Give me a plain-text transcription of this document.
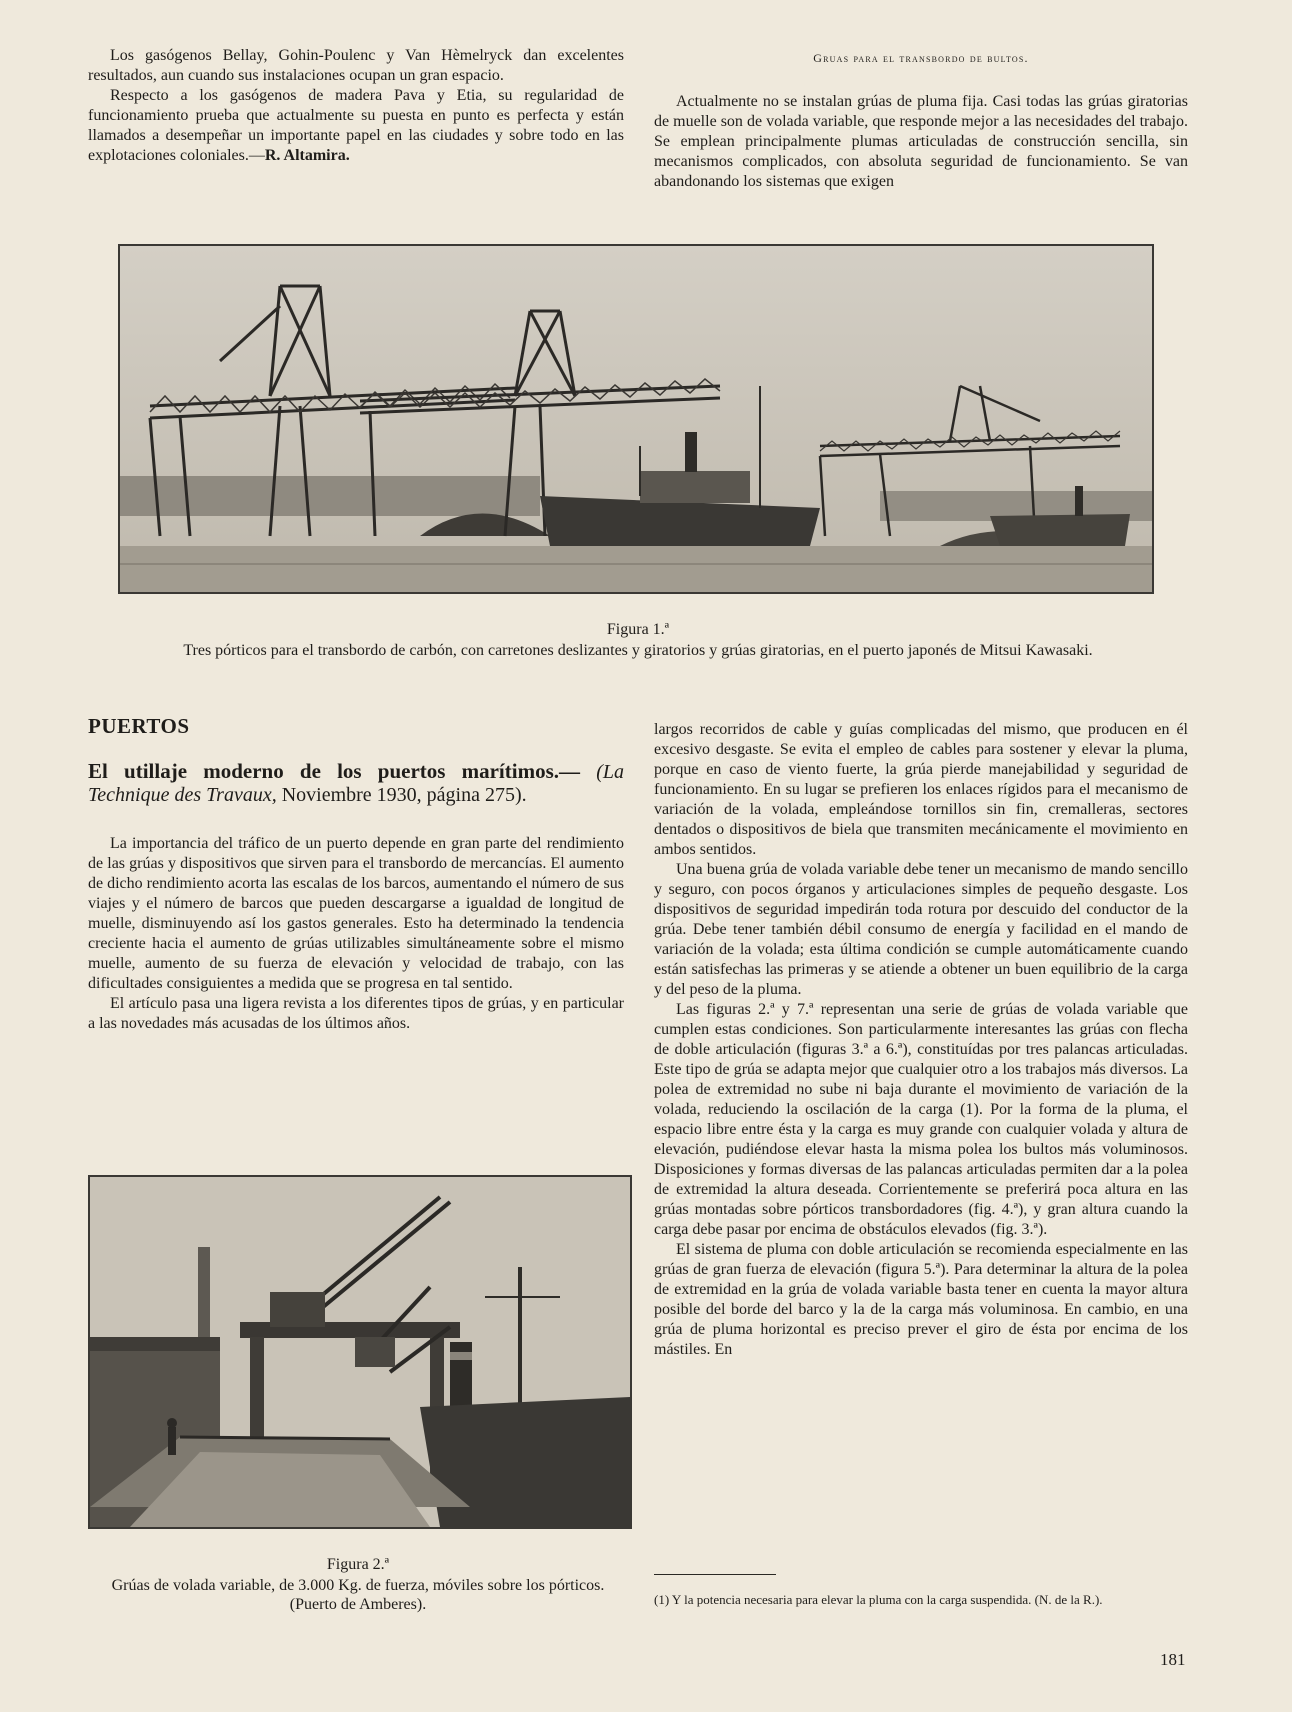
Los gasógenos Bellay, Gohin-Poulenc y Van Hèmelryck dan excelentes resultados, aun cuando sus instalaciones ocupan un gran espacio.

Respecto a los gasógenos de madera Pava y Etia, su regularidad de funcionamiento prueba que actualmente su puesta en punto es perfecta y están llamados a desempeñar un importante papel en las ciudades y sobre todo en las explotaciones coloniales.—R. Altamira.

Gruas para el transbordo de bultos.

Actualmente no se instalan grúas de pluma fija. Casi todas las grúas giratorias de muelle son de volada variable, que responde mejor a las necesidades del trabajo. Se emplean principalmente plumas articuladas de construcción sencilla, sin mecanismos complicados, con absoluta seguridad de funcionamiento. Se van abandonando los sistemas que exigen

Figura 1.ª
Tres pórticos para el transbordo de carbón, con carretones deslizantes y giratorios y grúas giratorias, en el puerto japonés de Mitsui Kawasaki.

PUERTOS

El utillaje moderno de los puertos marítimos.— (La Technique des Travaux, Noviembre 1930, página 275).

La importancia del tráfico de un puerto depende en gran parte del rendimiento de las grúas y dispositivos que sirven para el transbordo de mercancías. El aumento de dicho rendimiento acorta las escalas de los barcos, aumentando el número de sus viajes y el número de barcos que pueden descargarse a igualdad de longitud de muelle, disminuyendo así los gastos generales. Esto ha determinado la tendencia creciente hacia el aumento de grúas utilizables simultáneamente sobre el mismo muelle, aumento de su fuerza de elevación y velocidad de trabajo, con las dificultades consiguientes a medida que se progresa en tal sentido.

El artículo pasa una ligera revista a los diferentes tipos de grúas, y en particular a las novedades más acusadas de los últimos años.

Figura 2.ª
Grúas de volada variable, de 3.000 Kg. de fuerza, móviles sobre los pórticos. (Puerto de Amberes).

largos recorridos de cable y guías complicadas del mismo, que producen en él excesivo desgaste. Se evita el empleo de cables para sostener y elevar la pluma, porque en caso de viento fuerte, la grúa pierde manejabilidad y seguridad de funcionamiento. En su lugar se prefieren los enlaces rígidos para el mecanismo de variación de la volada, empleándose tornillos sin fin, cremalleras, sectores dentados o dispositivos de biela que transmiten mecánicamente el movimiento en ambos sentidos.

Una buena grúa de volada variable debe tener un mecanismo de mando sencillo y seguro, con pocos órganos y articulaciones simples de pequeño desgaste. Los dispositivos de seguridad impedirán toda rotura por descuido del conductor de la grúa. Debe tener también débil consumo de energía y facilidad en el mando de variación de la volada; esta última condición se cumple automáticamente cuando están satisfechas las primeras y se atiende a obtener un buen equilibrio de la carga y del peso de la pluma.

Las figuras 2.ª y 7.ª representan una serie de grúas de volada variable que cumplen estas condiciones. Son particularmente interesantes las grúas con flecha de doble articulación (figuras 3.ª a 6.ª), constituídas por tres palancas articuladas. Este tipo de grúa se adapta mejor que cualquier otro a los trabajos más diversos. La polea de extremidad no sube ni baja durante el movimiento de variación de la volada, reduciendo la oscilación de la carga (1). Por la forma de la pluma, el espacio libre entre ésta y la carga es muy grande con cualquier volada y altura de elevación, pudiéndose elevar hasta la misma polea los bultos más voluminosos. Disposiciones y formas diversas de las palancas articuladas permiten dar a la polea de extremidad la altura deseada. Corrientemente se preferirá poca altura en las grúas montadas sobre pórticos transbordadores (fig. 4.ª), y gran altura cuando la carga debe pasar por encima de obstáculos elevados (fig. 3.ª).

El sistema de pluma con doble articulación se recomienda especialmente en las grúas de gran fuerza de elevación (figura 5.ª). Para determinar la altura de la polea de extremidad en la grúa de volada variable basta tener en cuenta la mayor altura posible del borde del barco y la de la carga más voluminosa. En cambio, en una grúa de pluma horizontal es preciso prever el giro de ésta por encima de los mástiles. En

(1) Y la potencia necesaria para elevar la pluma con la carga suspendida. (N. de la R.).
181
